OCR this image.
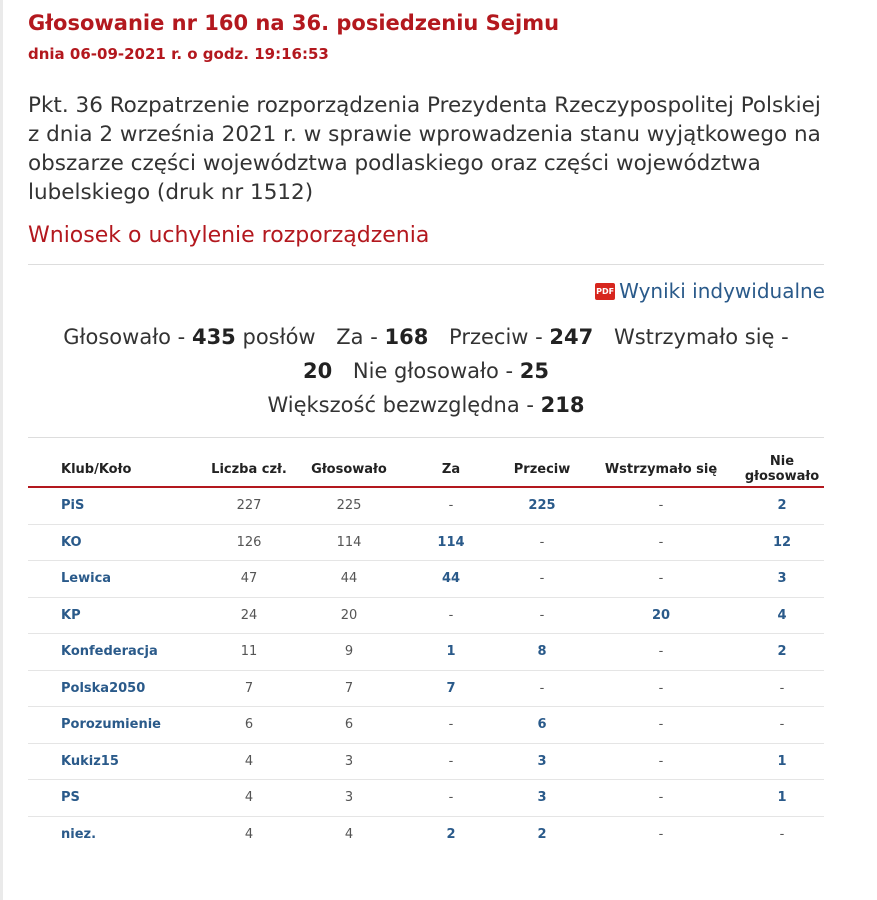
Głosowanie nr 160 na 36. posiedzeniu Sejmu
dnia 06-09-2021 r. o godz. 19:16:53
Pkt. 36 Rozpatrzenie rozporządzenia Prezydenta Rzeczypospolitej Polskiej z dnia 2 września 2021 r. w sprawie wprowadzenia stanu wyjątkowego na obszarze części województwa podlaskiego oraz części województwa lubelskiego (druk nr 1512)
Wniosek o uchylenie rozporządzenia
PDF Wyniki indywidualne
Głosowało - 435 posłów Za - 168 Przeciw - 247 Wstrzymało się -
20 Nie głosowało - 25
Większość bezwzględna - 218
Klub/Koło	Liczba czł.	Głosowało	Za	Przeciw	Wstrzymało się	Nie głosowało
PiS	227	225	-	225	-	2
KO	126	114	114	-	-	12
Lewica	47	44	44	-	-	3
KP	24	20	-	-	20	4
Konfederacja	11	9	1	8	-	2
Polska2050	7	7	7	-	-	-
Porozumienie	6	6	-	6	-	-
Kukiz15	4	3	-	3	-	1
PS	4	3	-	3	-	1
niez.	4	4	2	2	-	-
